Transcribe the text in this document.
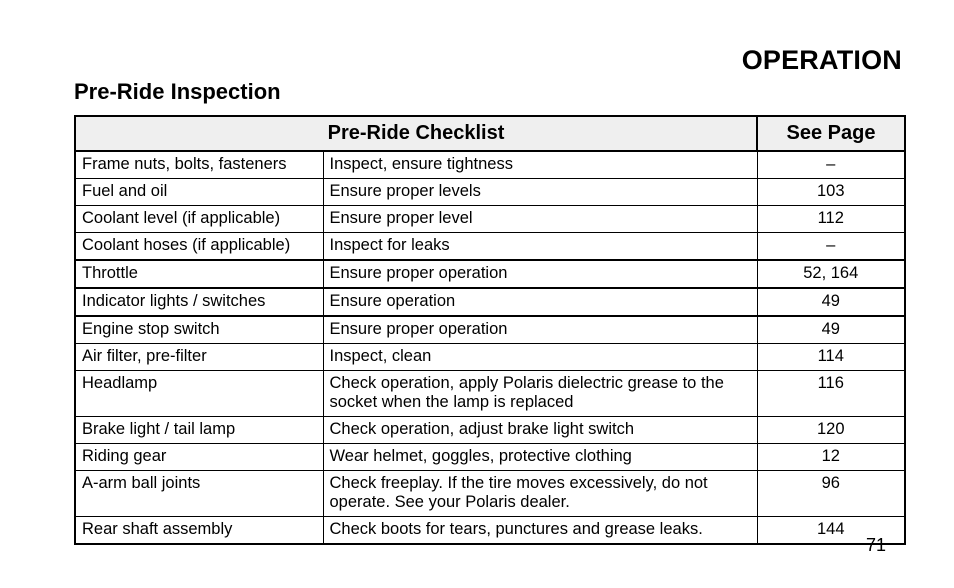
OPERATION
Pre-Ride Inspection
Pre-Ride Checklist		See Page
Frame nuts, bolts, fasteners	Inspect, ensure tightness	–
Fuel and oil	Ensure proper levels	103
Coolant level (if applicable)	Ensure proper level	112
Coolant hoses (if applicable)	Inspect for leaks	–
Throttle	Ensure proper operation	52, 164
Indicator lights / switches	Ensure operation	49
Engine stop switch	Ensure proper operation	49
Air filter, pre-filter	Inspect, clean	114
Headlamp	Check operation, apply Polaris dielectric grease to the socket when the lamp is replaced	116
Brake light / tail lamp	Check operation, adjust brake light switch	120
Riding gear	Wear helmet, goggles, protective clothing	12
A-arm ball joints	Check freeplay. If the tire moves excessively, do not operate. See your Polaris dealer.	96
Rear shaft assembly	Check boots for tears, punctures and grease leaks.	144
71
